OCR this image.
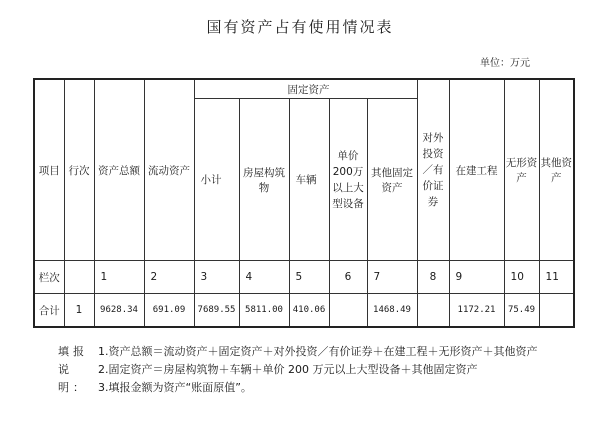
国有资产占有使用情况表
单位：万元
项目	行次	资产总额	流动资产	固定资产					对外投资／有价证券	在建工程	无形资产	其他资产
				小计	房屋构筑物	车辆	单价200万以上大型设备	其他固定资产				
栏次		1	2	3	4	5	6	7	8	9	10	11
合计	1	9628.34	691.09	7689.55	5811.00	410.06		1468.49		1172.21	75.49	
填报说明：

1.资产总额＝流动资产＋固定资产＋对外投资／有价证券＋在建工程＋无形资产＋其他资产

2.固定资产＝房屋构筑物＋车辆＋单价 200 万元以上大型设备＋其他固定资产

3.填报金额为资产“账面原值”。
